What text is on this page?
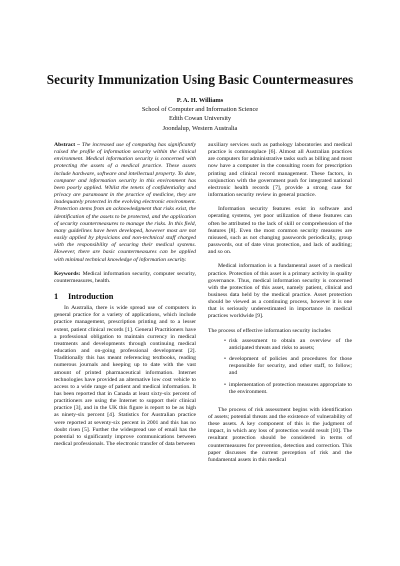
Security Immunization Using Basic Countermeasures
P. A. H. Williams
School of Computer and Information Science
Edith Cowan University
Joondalup, Western Australia

Abstract – The increased use of computing has significantly raised the profile of information security within the clinical environment. Medical information security is concerned with protecting the assets of a medical practice. These assets include hardware, software and intellectual property. To date, computer and information security in this environment has been poorly applied. Whilst the tenets of confidentiality and privacy are paramount in the practice of medicine, they are inadequately protected in the evolving electronic environment. Protection stems from an acknowledgment that risks exist, the identification of the assets to be protected, and the application of security countermeasures to manage the risks. In this field, many guidelines have been developed, however most are not easily applied by physicians and non-technical staff charged with the responsibility of securing their medical systems. However, there are basic countermeasures can be applied with minimal technical knowledge of information security.

Keywords: Medical information security, computer security, countermeasures, health.

1 Introduction

In Australia, there is wide spread use of computers in general practice for a variety of applications, which include practice management, prescription printing and to a lesser extent, patient clinical records [1]. General Practitioners have a professional obligation to maintain currency in medical treatments and developments through continuing medical education and on-going professional development [2]. Traditionally this has meant referencing textbooks, reading numerous journals and keeping up to date with the vast amount of printed pharmaceutical information. Internet technologies have provided an alternative low cost vehicle to access to a wide range of patient and medical information. It has been reported that in Canada at least sixty-six percent of practitioners are using the Internet to support their clinical practice [3], and in the UK this figure is report to be as high as ninety-six percent [4]. Statistics for Australian practice were reported at seventy-six percent in 2001 and this has no doubt risen [5]. Further the widespread use of email has the potential to significantly improve communications between medical professionals. The electronic transfer of data between

auxiliary services such as pathology laboratories and medical practice is commonplace [6]. Almost all Australian practices are computers for administrative tasks such as billing and most now have a computer in the consulting room for prescription printing and clinical record management. These factors, in conjunction with the government push for integrated national electronic health records [7], provide a strong case for information security review in general practice.

Information security features exist in software and operating systems, yet poor utilization of these features can often be attributed to the lack of skill or comprehension of the features [8]. Even the most common security measures are misused, such as not changing passwords periodically, group passwords, out of date virus protection, and lack of auditing; and so on.

Medical information is a fundamental asset of a medical practice. Protection of this asset is a primary activity in quality governance. Thus, medical information security is concerned with the protection of this asset, namely patient, clinical and business data held by the medical practice. Asset protection should be viewed as a continuing process, however it is one that is seriously underestimated in importance in medical practices worldwide [9].

The process of effective information security includes

• risk assessment to obtain an overview of the anticipated threats and risks to assets;
• development of policies and procedures for those responsible for security, and other staff, to follow; and
• implementation of protection measures appropriate to the environment.

The process of risk assessment begins with identification of assets; potential threats and the existence of vulnerability of these assets. A key component of this is the judgment of impact, in which any loss of protection would result [10]. The resultant protection should be considered in terms of countermeasures for prevention, detection and correction. This paper discusses the current perception of risk and the fundamental assets in this medical
